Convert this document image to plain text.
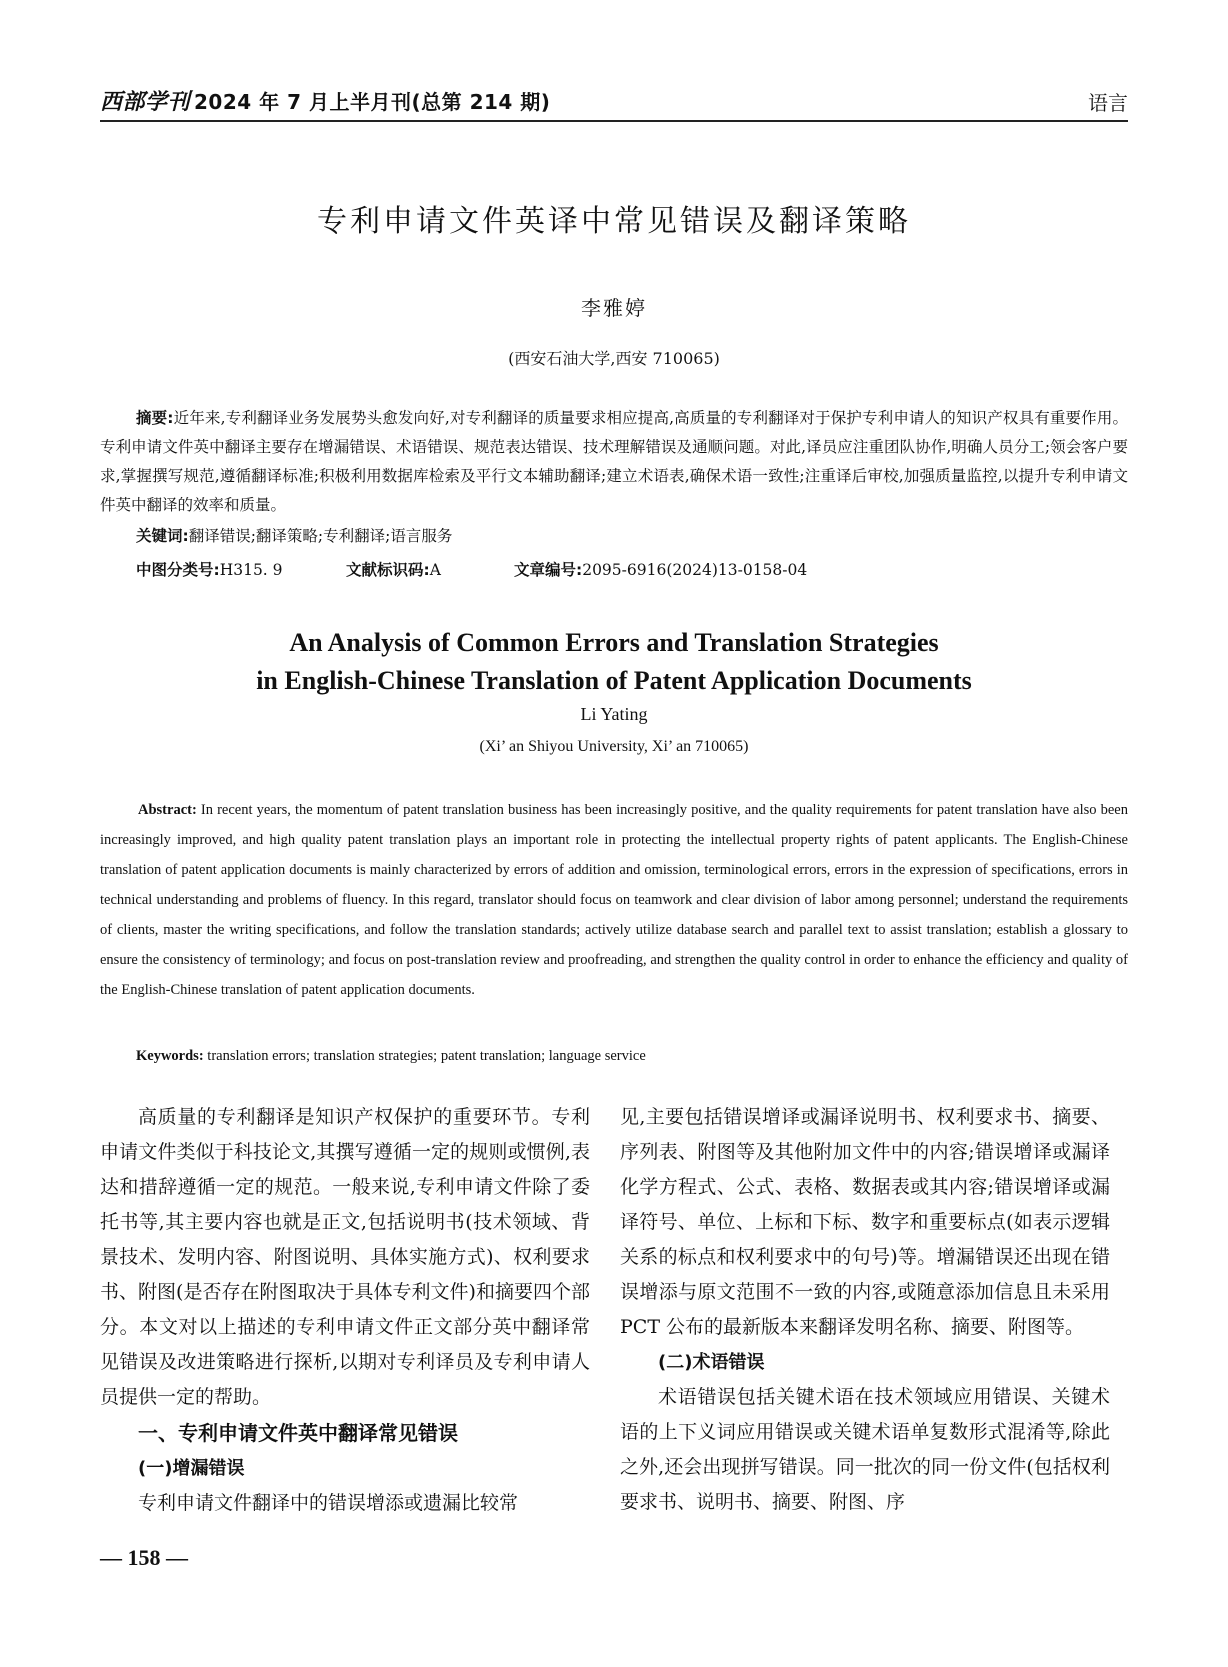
西部学刊 2024 年 7 月上半月刊(总第 214 期)	语言
专利申请文件英译中常见错误及翻译策略
李雅婷
(西安石油大学,西安 710065)
摘要:近年来,专利翻译业务发展势头愈发向好,对专利翻译的质量要求相应提高,高质量的专利翻译对于保护专利申请人的知识产权具有重要作用。专利申请文件英中翻译主要存在增漏错误、术语错误、规范表达错误、技术理解错误及通顺问题。对此,译员应注重团队协作,明确人员分工;领会客户要求,掌握撰写规范,遵循翻译标准;积极利用数据库检索及平行文本辅助翻译;建立术语表,确保术语一致性;注重译后审校,加强质量监控,以提升专利申请文件英中翻译的效率和质量。
关键词:翻译错误;翻译策略;专利翻译;语言服务
中图分类号:H315. 9	文献标识码:A	文章编号:2095-6916(2024)13-0158-04
An Analysis of Common Errors and Translation Strategies
in English-Chinese Translation of Patent Application Documents
Li Yating
(Xi’ an Shiyou University, Xi’ an 710065)
Abstract: In recent years, the momentum of patent translation business has been increasingly positive, and the quality requirements for patent translation have also been increasingly improved, and high quality patent translation plays an important role in protecting the intellectual property rights of patent applicants. The English-Chinese translation of patent application documents is mainly characterized by errors of addition and omission, terminological errors, errors in the expression of specifications, errors in technical understanding and problems of fluency. In this regard, translator should focus on teamwork and clear division of labor among personnel; understand the requirements of clients, master the writing specifications, and follow the translation standards; actively utilize database search and parallel text to assist translation; establish a glossary to ensure the consistency of terminology; and focus on post-translation review and proofreading, and strengthen the quality control in order to enhance the efficiency and quality of the English-Chinese translation of patent application documents.
Keywords: translation errors; translation strategies; patent translation; language service

高质量的专利翻译是知识产权保护的重要环节。专利申请文件类似于科技论文,其撰写遵循一定的规则或惯例,表达和措辞遵循一定的规范。一般来说,专利申请文件除了委托书等,其主要内容也就是正文,包括说明书(技术领域、背景技术、发明内容、附图说明、具体实施方式)、权利要求书、附图(是否存在附图取决于具体专利文件)和摘要四个部分。本文对以上描述的专利申请文件正文部分英中翻译常见错误及改进策略进行探析,以期对专利译员及专利申请人员提供一定的帮助。

一、专利申请文件英中翻译常见错误
(一)增漏错误

专利申请文件翻译中的错误增添或遗漏比较常

见,主要包括错误增译或漏译说明书、权利要求书、摘要、序列表、附图等及其他附加文件中的内容;错误增译或漏译化学方程式、公式、表格、数据表或其内容;错误增译或漏译符号、单位、上标和下标、数字和重要标点(如表示逻辑关系的标点和权利要求中的句号)等。增漏错误还出现在错误增添与原文范围不一致的内容,或随意添加信息且未采用 PCT 公布的最新版本来翻译发明名称、摘要、附图等。

(二)术语错误

术语错误包括关键术语在技术领域应用错误、关键术语的上下义词应用错误或关键术语单复数形式混淆等,除此之外,还会出现拼写错误。同一批次的同一份文件(包括权利要求书、说明书、摘要、附图、序

— 158 —
